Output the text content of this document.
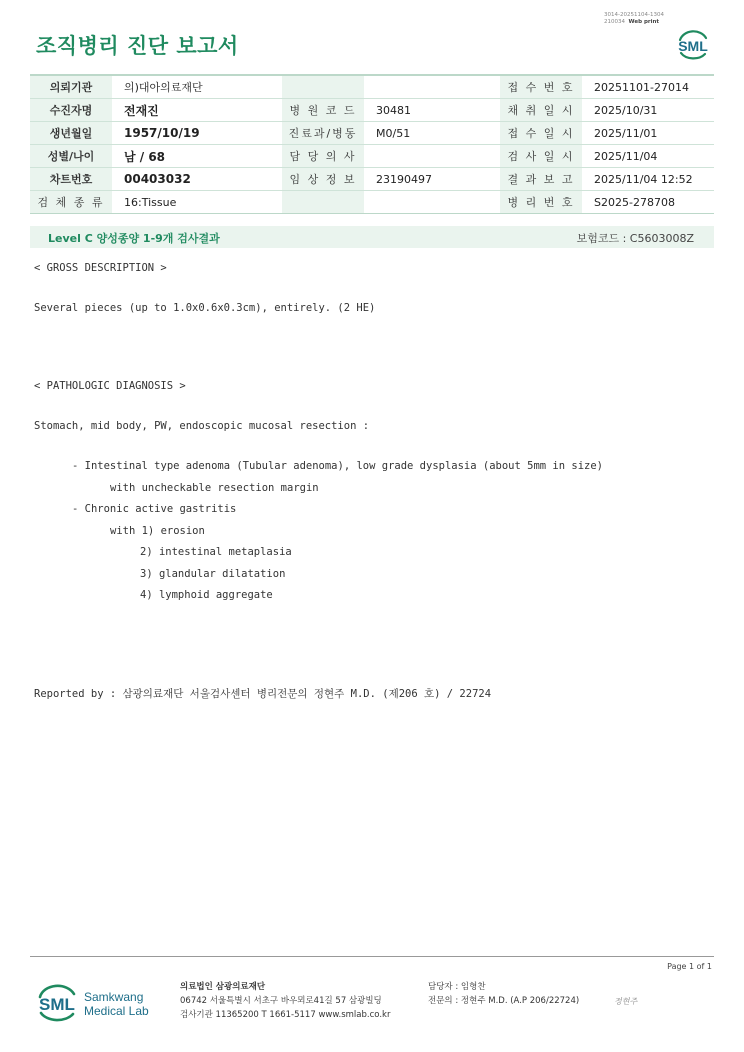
조직병리 진단 보고서
3014-20251104-1304
210034 Web print
SML
의뢰기관	의)대아의료재단			접 수 번 호	20251101-27014
수진자명	전재진	병 원 코 드	30481	채 취 일 시	2025/10/31
생년월일	1957/10/19	진료과/병동	M0/51	접 수 일 시	2025/11/01
성별/나이	남 / 68	담 당 의 사		검 사 일 시	2025/11/04
차트번호	00403032	임 상 정 보	23190497	결 과 보 고	2025/11/04 12:52
검 체 종 류	16:Tissue			병 리 번 호	S2025-278708
Level C 양성종양 1-9개 검사결과	보험코드 : C5603008Z
< GROSS DESCRIPTION >
Several pieces (up to 1.0x0.6x0.3cm), entirely. (2 HE)
< PATHOLOGIC DIAGNOSIS >
Stomach, mid body, PW, endoscopic mucosal resection :
- Intestinal type adenoma (Tubular adenoma), low grade dysplasia (about 5mm in size)
with uncheckable resection margin
- Chronic active gastritis
with 1) erosion
2) intestinal metaplasia
3) glandular dilatation
4) lymphoid aggregate
Reported by : 삼광의료재단 서울검사센터 병리전문의 정현주 M.D. (제206 호) / 22724
Page 1 of 1
SML Samkwang
Medical Lab
의료법인 삼광의료재단
06742 서울특별시 서초구 바우뫼로41길 57 삼광빌딩
검사기관 11365200 T 1661-5117 www.smlab.co.kr
담당자 : 임형찬
전문의 : 정현주 M.D. (A.P 206/22724)	정현주
